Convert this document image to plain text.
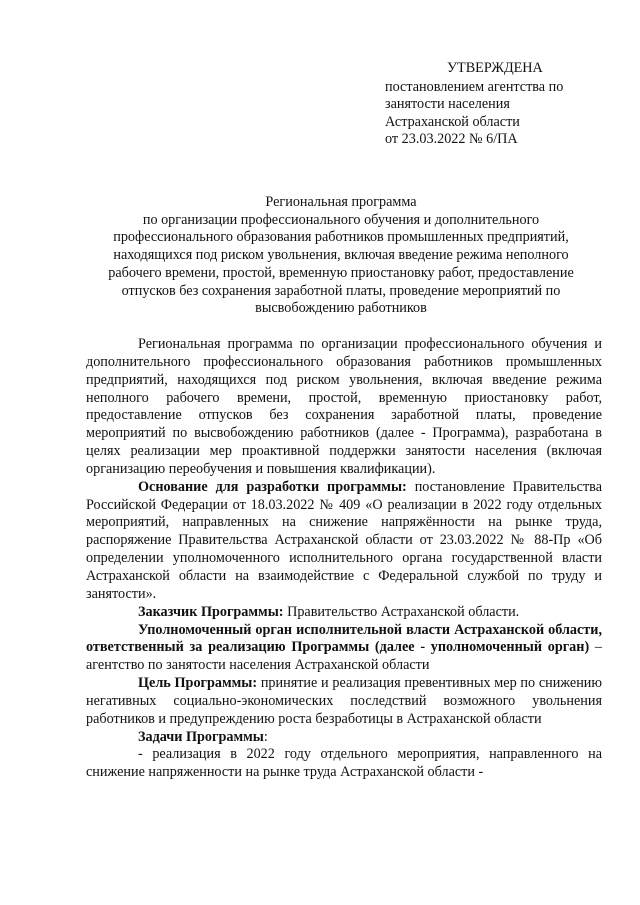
УТВЕРЖДЕНА
постановлением агентства по
занятости населения
Астраханской области
от 23.03.2022 № 6/ПА
Региональная программа
по организации профессионального обучения и дополнительного
профессионального образования работников промышленных предприятий,
находящихся под риском увольнения, включая введение режима неполного
рабочего времени, простой, временную приостановку работ, предоставление
отпусков без сохранения заработной платы, проведение мероприятий по
высвобождению работников

Региональная программа по организации профессионального обучения и дополнительного профессионального образования работников промышленных предприятий, находящихся под риском увольнения, включая введение режима неполного рабочего времени, простой, временную приостановку работ, предоставление отпусков без сохранения заработной платы, проведение мероприятий по высвобождению работников (далее - Программа), разработана в целях реализации мер проактивной поддержки занятости населения (включая организацию переобучения и повышения квалификации).

Основание для разработки программы: постановление Правительства Российской Федерации от 18.03.2022 № 409 «О реализации в 2022 году отдельных мероприятий, направленных на снижение напряжённости на рынке труда, распоряжение Правительства Астраханской области от 23.03.2022 № 88-Пр «Об определении уполномоченного исполнительного органа государственной власти Астраханской области на взаимодействие с Федеральной службой по труду и занятости».

Заказчик Программы: Правительство Астраханской области.

Уполномоченный орган исполнительной власти Астраханской области, ответственный за реализацию Программы (далее - уполномоченный орган) – агентство по занятости населения Астраханской области

Цель Программы: принятие и реализация превентивных мер по снижению негативных социально-экономических последствий возможного увольнения работников и предупреждению роста безработицы в Астраханской области

Задачи Программы:

- реализация в 2022 году отдельного мероприятия, направленного на снижение напряженности на рынке труда Астраханской области -
